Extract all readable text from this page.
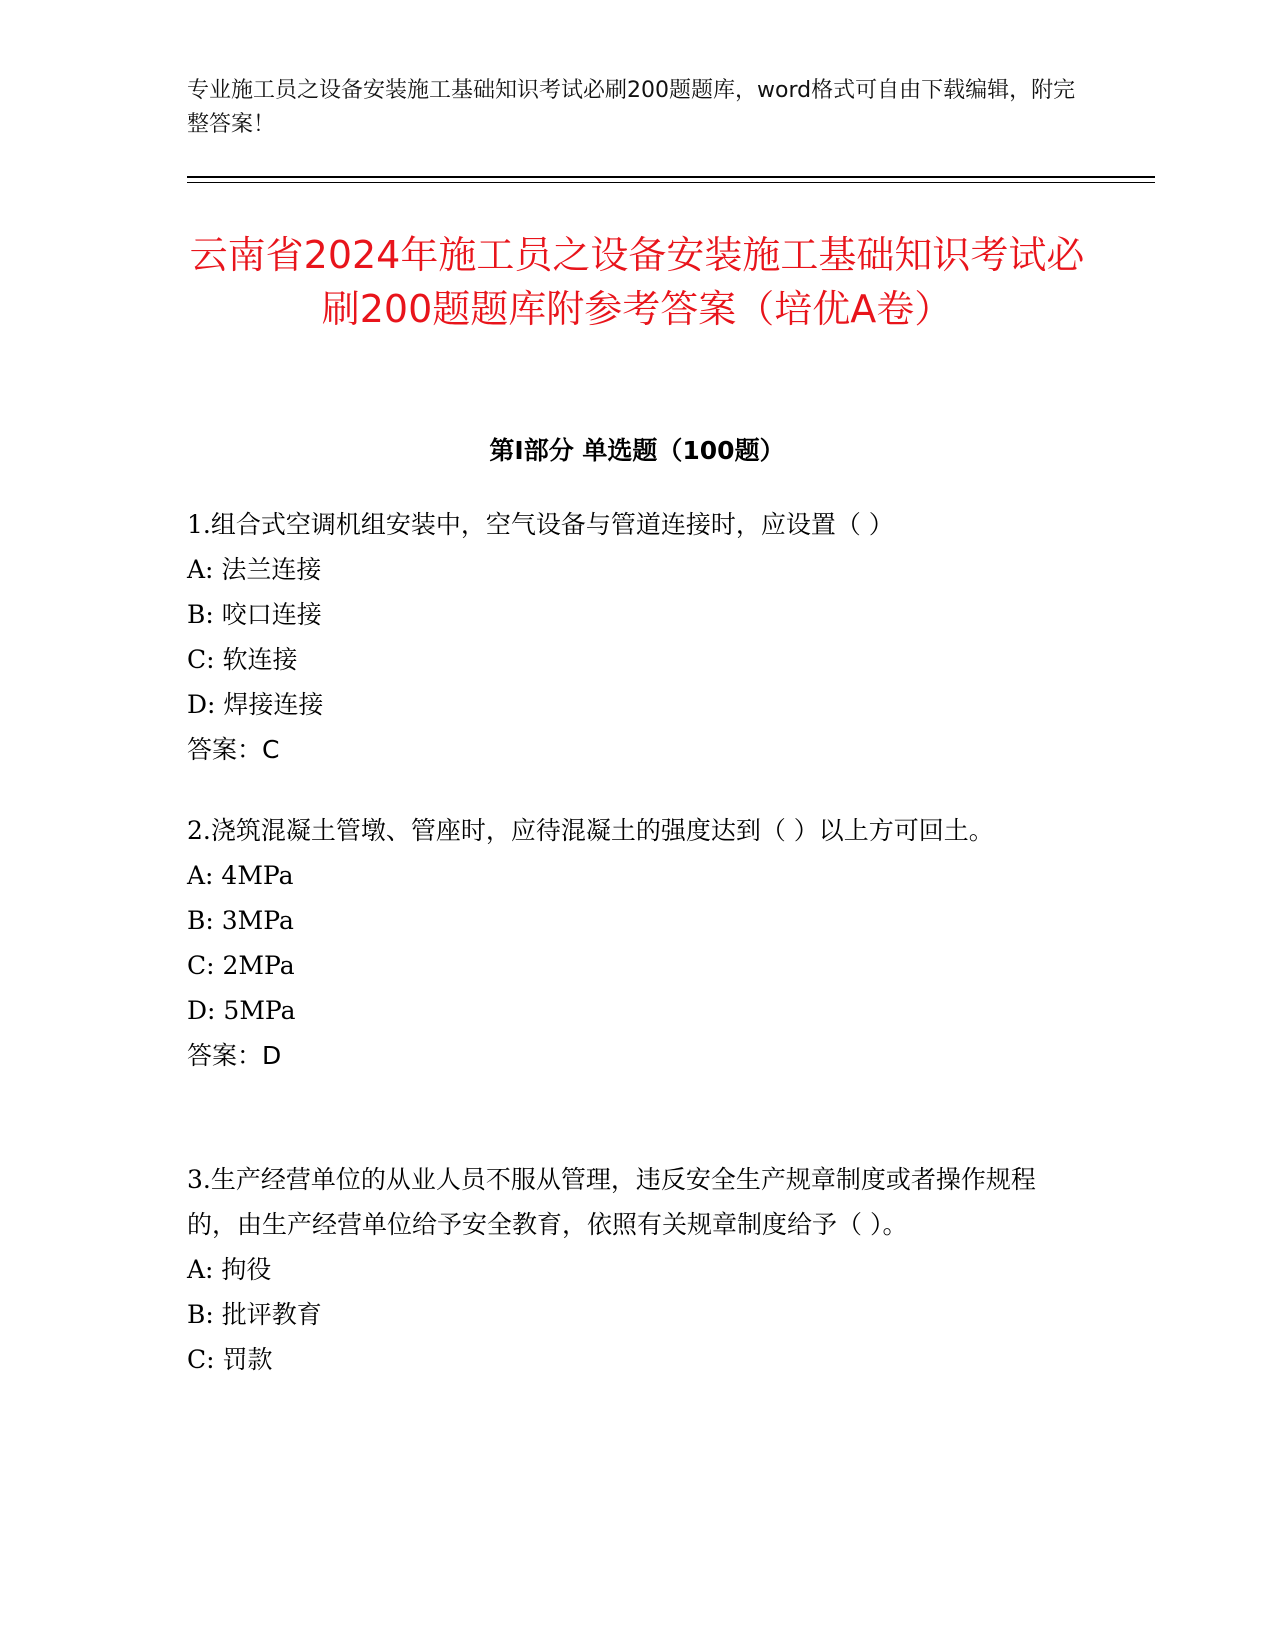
专业施工员之设备安装施工基础知识考试必刷200题题库，word格式可自由下载编辑，附完整答案！
云南省2024年施工员之设备安装施工基础知识考试必刷200题题库附参考答案（培优A卷）
第I部分 单选题（100题）

1.组合式空调机组安装中，空气设备与管道连接时，应设置（ ）

A: 法兰连接

B: 咬口连接

C: 软连接

D: 焊接连接

答案：C

2.浇筑混凝土管墩、管座时，应待混凝土的强度达到（ ）以上方可回土。

A: 4MPa

B: 3MPa

C: 2MPa

D: 5MPa

答案：D

3.生产经营单位的从业人员不服从管理，违反安全生产规章制度或者操作规程的，由生产经营单位给予安全教育，依照有关规章制度给予（ ）。

A: 拘役

B: 批评教育

C: 罚款
